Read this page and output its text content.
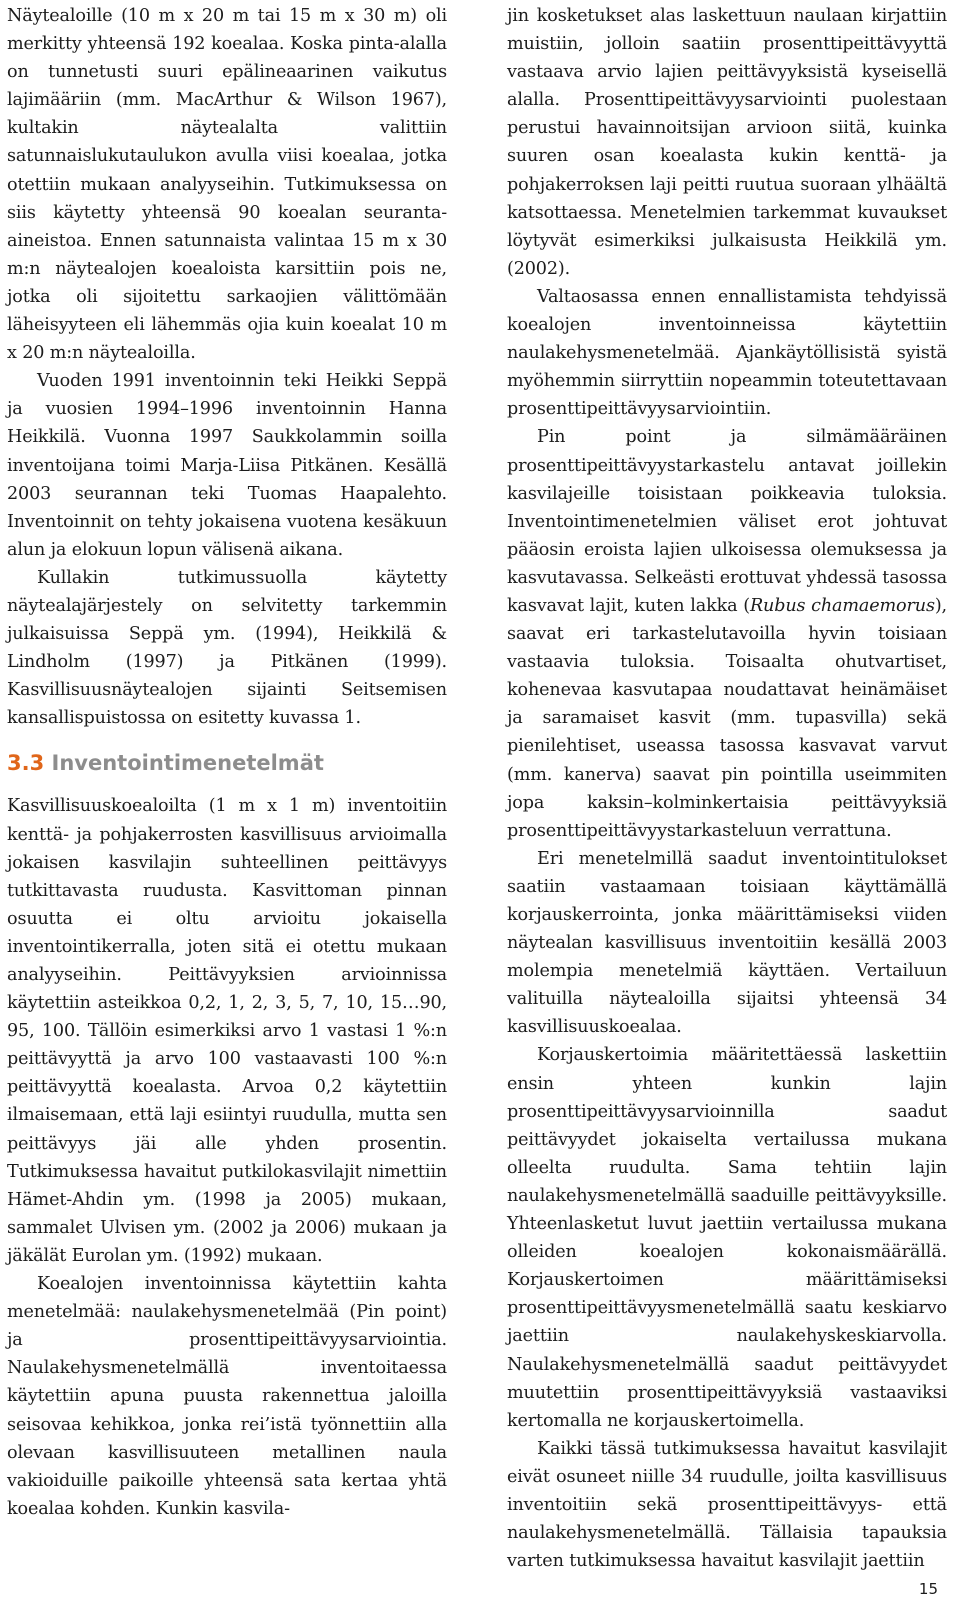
Näytealoille (10 m x 20 m tai 15 m x 30 m) oli merkitty yhteensä 192 koealaa. Koska pinta-alalla on tunnetusti suuri epälineaarinen vaikutus lajimääriin (mm. MacArthur & Wilson 1967), kultakin näytealalta valittiin satunnaislukutaulukon avulla viisi koealaa, jotka otettiin mukaan analyyseihin. Tutkimuksessa on siis käytetty yhteensä 90 koealan seuranta-aineistoa. Ennen satunnaista valintaa 15 m x 30 m:n näytealojen koealoista karsittiin pois ne, jotka oli sijoitettu sarkaojien välittömään läheisyyteen eli lähemmäs ojia kuin koealat 10 m x 20 m:n näytealoilla.

Vuoden 1991 inventoinnin teki Heikki Seppä ja vuosien 1994–1996 inventoinnin Hanna Heikkilä. Vuonna 1997 Saukkolammin soilla inventoijana toimi Marja-Liisa Pitkänen. Kesällä 2003 seurannan teki Tuomas Haapalehto. Inventoinnit on tehty jokaisena vuotena kesäkuun alun ja elokuun lopun välisenä aikana.

Kullakin tutkimussuolla käytetty näytealajärjestely on selvitetty tarkemmin julkaisuissa Seppä ym. (1994), Heikkilä & Lindholm (1997) ja Pitkänen (1999). Kasvillisuusnäytealojen sijainti Seitsemisen kansallispuistossa on esitetty kuvassa 1.

3.3 Inventointimenetelmät

Kasvillisuuskoealoilta (1 m x 1 m) inventoitiin kenttä- ja pohjakerrosten kasvillisuus arvioimalla jokaisen kasvilajin suhteellinen peittävyys tutkittavasta ruudusta. Kasvittoman pinnan osuutta ei oltu arvioitu jokaisella inventointikerralla, joten sitä ei otettu mukaan analyyseihin. Peittävyyksien arvioinnissa käytettiin asteikkoa 0,2, 1, 2, 3, 5, 7, 10, 15…90, 95, 100. Tällöin esimerkiksi arvo 1 vastasi 1 %:n peittävyyttä ja arvo 100 vastaavasti 100 %:n peittävyyttä koealasta. Arvoa 0,2 käytettiin ilmaisemaan, että laji esiintyi ruudulla, mutta sen peittävyys jäi alle yhden prosentin. Tutkimuksessa havaitut putkilokasvilajit nimettiin Hämet-Ahdin ym. (1998 ja 2005) mukaan, sammalet Ulvisen ym. (2002 ja 2006) mukaan ja jäkälät Eurolan ym. (1992) mukaan.

Koealojen inventoinnissa käytettiin kahta menetelmää: naulakehysmenetelmää (Pin point) ja prosenttipeittävyysarviointia. Naulakehysmenetelmällä inventoitaessa käytettiin apuna puusta rakennettua jaloilla seisovaa kehikkoa, jonka rei’istä työnnettiin alla olevaan kasvillisuuteen metallinen naula vakioiduille paikoille yhteensä sata kertaa yhtä koealaa kohden. Kunkin kasvila-

jin kosketukset alas laskettuun naulaan kirjattiin muistiin, jolloin saatiin prosenttipeittävyyttä vastaava arvio lajien peittävyyksistä kyseisellä alalla. Prosenttipeittävyysarviointi puolestaan perustui havainnoitsijan arvioon siitä, kuinka suuren osan koealasta kukin kenttä- ja pohjakerroksen laji peitti ruutua suoraan ylhäältä katsottaessa. Menetelmien tarkemmat kuvaukset löytyvät esimerkiksi julkaisusta Heikkilä ym. (2002).

Valtaosassa ennen ennallistamista tehdyissä koealojen inventoinneissa käytettiin naulakehysmenetelmää. Ajankäytöllisistä syistä myöhemmin siirryttiin nopeammin toteutettavaan prosenttipeittävyysarviointiin.

Pin point ja silmämääräinen prosenttipeittävyystarkastelu antavat joillekin kasvilajeille toisistaan poikkeavia tuloksia. Inventointimenetelmien väliset erot johtuvat pääosin eroista lajien ulkoisessa olemuksessa ja kasvutavassa. Selkeästi erottuvat yhdessä tasossa kasvavat lajit, kuten lakka (Rubus chamaemorus), saavat eri tarkastelutavoilla hyvin toisiaan vastaavia tuloksia. Toisaalta ohutvartiset, kohenevaa kasvutapaa noudattavat heinämäiset ja saramaiset kasvit (mm. tupasvilla) sekä pienilehtiset, useassa tasossa kasvavat varvut (mm. kanerva) saavat pin pointilla useimmiten jopa kaksin–kolminkertaisia peittävyyksiä prosenttipeittävyystarkasteluun verrattuna.

Eri menetelmillä saadut inventointitulokset saatiin vastaamaan toisiaan käyttämällä korjauskerrointa, jonka määrittämiseksi viiden näytealan kasvillisuus inventoitiin kesällä 2003 molempia menetelmiä käyttäen. Vertailuun valituilla näytealoilla sijaitsi yhteensä 34 kasvillisuuskoealaa.

Korjauskertoimia määritettäessä laskettiin ensin yhteen kunkin lajin prosenttipeittävyysarvioinnilla saadut peittävyydet jokaiselta vertailussa mukana olleelta ruudulta. Sama tehtiin lajin naulakehysmenetelmällä saaduille peittävyyksille. Yhteenlasketut luvut jaettiin vertailussa mukana olleiden koealojen kokonaismäärällä. Korjauskertoimen määrittämiseksi prosenttipeittävyysmenetelmällä saatu keskiarvo jaettiin naulakehyskeskiarvolla. Naulakehysmenetelmällä saadut peittävyydet muutettiin prosenttipeittävyyksiä vastaaviksi kertomalla ne korjauskertoimella.

Kaikki tässä tutkimuksessa havaitut kasvilajit eivät osuneet niille 34 ruudulle, joilta kasvillisuus inventoitiin sekä prosenttipeittävyys- että naulakehysmenetelmällä. Tällaisia tapauksia varten tutkimuksessa havaitut kasvilajit jaettiin

15
